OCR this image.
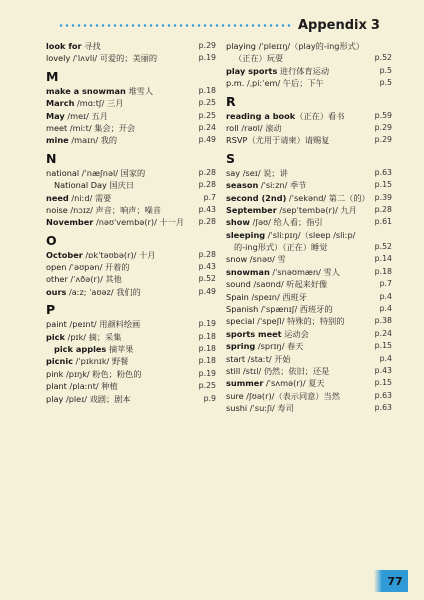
Appendix 3
look for 寻找	p.29
lovely /ˈlʌvli/ 可爱的；美丽的	p.19
M
make a snowman 堆雪人	p.18
March /mɑːtʃ/ 三月	p.25
May /meɪ/ 五月	p.25
meet /miːt/ 集会；开会	p.24
mine /maɪn/ 我的	p.49
N
national /ˈnæʃnəl/ 国家的	p.28
National Day 国庆日	p.28
need /niːd/ 需要	p.7
noise /nɔɪz/ 声音；响声；噪音	p.43
November /nəʊˈvembə(r)/ 十一月 p.28
O
October /ɒkˈtəʊbə(r)/ 十月	p.28
open /ˈəʊpən/ 开着的	p.43
other /ˈʌðə(r)/ 其他	p.52
ours /aːz; ˈaʊəz/ 我们的	p.49
P
paint /peɪnt/ 用颜料绘画	p.19
pick /pɪk/ 摘；采集	p.18
pick apples 摘苹果	p.18
picnic /ˈpɪknɪk/ 野餐	p.18
pink /pɪŋk/ 粉色；粉色的	p.19
plant /plaːnt/ 种植	p.25
play /pleɪ/ 戏剧；剧本	p.9
playing /ˈpleɪɪŋ/（play的-ing形式）
（正在）玩耍	p.52
play sports 进行体育运动	p.5
p.m. /ˌpiːˈem/ 午后；下午	p.5
R
reading a book（正在）看书	p.59
roll /rəʊl/ 滚动	p.29
RSVP（尤用于请柬）请赐复	p.29
S
say /seɪ/ 说；讲	p.63
season /ˈsiːzn/ 季节	p.15
second (2nd) /ˈsekənd/ 第二（的） p.39
September /sepˈtembə(r)/ 九月 p.28
show /ʃəʊ/ 给人看；指引	p.61
sleeping /ˈsliːpɪŋ/（sleep /sliːp/
的-ing形式）（正在）睡觉	p.52
snow /snəʊ/ 雪	p.14
snowman /ˈsnəʊmæn/ 雪人	p.18
sound /saʊnd/ 听起来好像	p.7
Spain /speɪn/ 西班牙	p.4
Spanish /ˈspænɪʃ/ 西班牙的	p.4
special /ˈspeʃl/ 特殊的；特别的	p.38
sports meet 运动会	p.24
spring /sprɪŋ/ 春天	p.15
start /staːt/ 开始	p.4
still /stɪl/ 仍然；依旧；还是	p.43
summer /ˈsʌmə(r)/ 夏天	p.15
sure /ʃʊə(r)/（表示同意）当然	p.63
sushi /ˈsuːʃi/ 寿司	p.63
77
